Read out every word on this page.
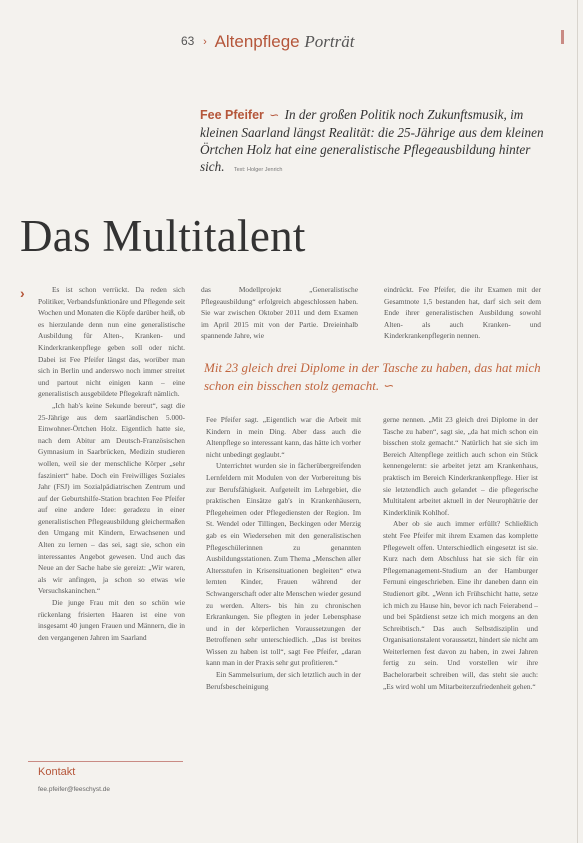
63 › Altenpflege Porträt
Fee Pfeifer ∽ In der großen Politik noch Zukunftsmusik, im kleinen Saarland längst Realität: die 25-Jährige aus dem kleinen Örtchen Holz hat eine generalistische Pflegeausbildung hinter sich. Text: Holger Jenrich
Das Multitalent
›	Es ist schon verrückt. Da reden sich Politiker, Verbandsfunktionäre und Pflegende seit Wochen und Monaten die Köpfe darüber heiß, ob es hierzulande denn nun eine generalistische Ausbildung für Alten-, Kranken- und Kinderkrankenpflege geben soll oder nicht. Dabei ist Fee Pfeifer längst das, worüber man sich in Berlin und anderswo noch immer streitet und partout nicht einigen kann – eine generalistisch ausgebildete Pflegekraft nämlich.

„Ich hab's keine Sekunde bereut“, sagt die 25-Jährige aus dem saarländischen 5.000-Einwohner-Örtchen Holz. Eigentlich hatte sie, nach dem Abitur am Deutsch-Französischen Gymnasium in Saarbrücken, Medizin studieren wollen, weil sie der menschliche Körper „sehr fasziniert“ habe. Doch ein Freiwilliges Soziales Jahr (FSJ) im Sozialpädiatrischen Zentrum und auf der Geburtshilfe-Station brachten Fee Pfeifer auf eine andere Idee: geradezu in einer generalistischen Pflegeausbildung gleichermaßen den Umgang mit Kindern, Erwachsenen und Alten zu lernen – das sei, sagt sie, schon ein interessantes Angebot gewesen. Und auch das Neue an der Sache habe sie gereizt: „Wir waren, als wir anfingen, ja schon so etwas wie Versuchskaninchen.“

Die junge Frau mit den so schön wie rückenlang frisierten Haaren ist eine von insgesamt 40 jungen Frauen und Männern, die in den vergangenen Jahren im Saarland

das Modellprojekt „Generalistische Pflegeausbildung“ erfolgreich abgeschlossen haben. Sie war zwischen Oktober 2011 und dem Examen im April 2015 mit von der Partie. Dreieinhalb spannende Jahre, wie

eindrückt. Fee Pfeifer, die ihr Examen mit der Gesamtnote 1,5 bestanden hat, darf sich seit dem Ende ihrer generalistischen Ausbildung sowohl Alten- als auch Kranken- und Kinderkrankenpflegerin nennen.

Mit 23 gleich drei Diplome in der Tasche zu haben, das hat mich schon ein bisschen stolz gemacht. ∽

Fee Pfeifer sagt. „Eigentlich war die Arbeit mit Kindern in mein Ding. Aber dass auch die Altenpflege so interessant kann, das hätte ich vorher nicht unbedingt geglaubt.“

Unterrichtet wurden sie in fächerübergreifenden Lernfeldern mit Modulen von der Vorbereitung bis zur Berufsfähigkeit. Aufgeteilt im Lehrgebiet, die praktischen Einsätze gab's in Krankenhäusern, Pflegeheimen oder Pflegediensten der Region. Im St. Wendel oder Tillingen, Beckingen oder Merzig gab es ein Wiedersehen mit den generalistischen Pflegeschülerinnen zu genannten Ausbildungsstationen. Zum Thema „Menschen aller Altersstufen in Krisensituationen begleiten“ etwa lernten Kinder, Frauen während der Schwangerschaft oder alte Menschen wieder gesund zu werden. Alters- bis hin zu chronischen Erkrankungen. Sie pflegten in jeder Lebensphase und in der körperlichen Voraussetzungen der Betroffenen sehr unterschiedlich. „Das ist breites Wissen zu haben ist toll“, sagt Fee Pfeifer, „daran kann man in der Praxis sehr gut profitieren.“

Ein Sammelsurium, der sich letztlich auch in der Berufsbescheinigung

gerne nennen. „Mit 23 gleich drei Diplome in der Tasche zu haben“, sagt sie, „da hat mich schon ein bisschen stolz gemacht.“ Natürlich hat sie sich im Bereich Altenpflege zeitlich auch schon ein Stück kennengelernt: sie arbeitet jetzt am Krankenhaus, praktisch im Bereich Kinderkrankenpflege. Hier ist sie letztendlich auch gelandet – die pflegerische Multitalent arbeitet aktuell in der Neurophätrie der Kinderklinik Kohlhof.

Aber ob sie auch immer erfüllt? Schließlich steht Fee Pfeifer mit ihrem Examen das komplette Pflegewelt offen. Unterschiedlich eingesetzt ist sie. Kurz nach dem Abschluss hat sie sich für ein Pflegemanagement-Studium an der Hamburger Fernuni eingeschrieben. Eine ihr daneben dann ein Studienort gibt. „Wenn ich Frühschicht hatte, setze ich mich zu Hause hin, bevor ich nach Feierabend – und bei Spätdienst setze ich mich morgens an den Schreibtisch.“ Das auch Selbstdisziplin und Organisationstalent voraussetzt, hindert sie nicht am Weiterlernen fest davon zu haben, in zwei Jahren fertig zu sein. Und vorstellen wir ihre Bachelorarbeit schreiben will, das steht sie auch: „Es wird wohl um Mitarbeiterzufriedenheit gehen.“

Kontakt
fee.pfeifer@feeschyst.de
